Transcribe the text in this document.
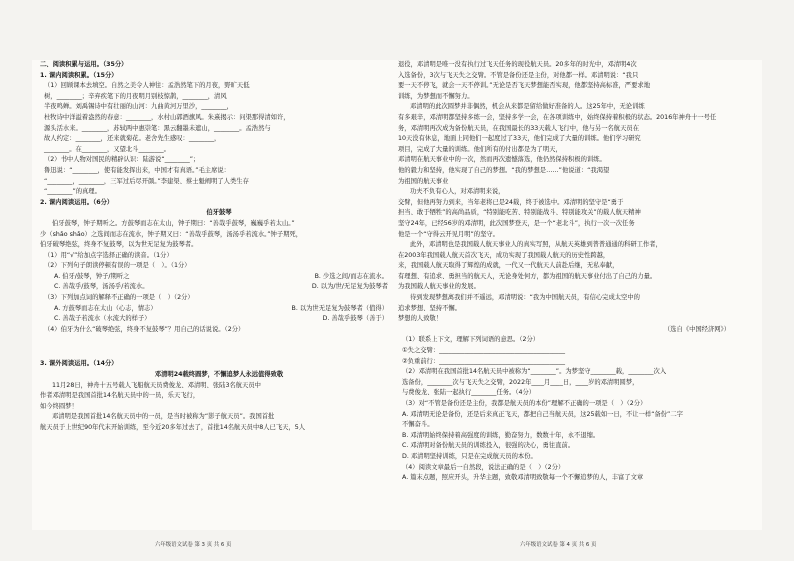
二、阅读积累与运用。（35分）

1. 课内阅读积累。（15分）

（1）回顾课本去填空。自然之美令人神往：孟浩然笔下的月夜，野旷天低

树，________；辛弃疾笔下的月夜明月别枝惊鹊，________，清风

半夜鸣蝉。刘禹锡诗中有壮丽的山河：九曲黄河万里沙，________，

杜牧诗中洋溢着盎然的春意：________，水村山郭酒旗风。朱熹揭示：问渠那得清如许，

源头活水来。________，苏轼两中惠崇笔：黑云翻墨未遮山，________。孟浩然与

故人约定：________，还来就菊花。老舍先生感叹：________，

________。在________，又望北斗________。

（2）书中人物对国民的精辟认识：陆游说“________”；

鲁迅说：“________，使有能发挥出来，中国才有真语。”毛主席说：

“________，________，三军过后尽开颜。”李建渠、蔡士魁阐明了人类生存

“________”的真理。

2. 课内阅读运用。（6分）

伯牙鼓琴

伯牙鼓琴，钟子期听之。方鼓琴而志在太山，钟子期曰：“善哉乎鼓琴，巍巍乎若太山。”

少（shǎo shǎo）之选间而志在流水，钟子期又曰：“善哉乎鼓琴，汤汤乎若流水。”钟子期死，

伯牙破琴绝弦，终身不复鼓琴，以为世无足复为鼓琴者。

（1）用“√”给加点字选择正确的读音。（1分）

（2）下列句子朗读停顿有误的一项是（　）。（1分）

A. 伯牙/鼓琴，钟子/期听之	B. 少选之间/而志在流水。
C. 善哉乎/鼓琴，汤汤乎/若流水。	D. 以为/世/无足复为鼓琴者

（3）下列加点词的解释不正确的一项是（　）（2分）

A. 方鼓琴而志在太山（心志，情志）	B. 以为世无足复为鼓琴者（值得）
C. 善哉子若流水（水流大的样子）	D. 善哉乎鼓琴（善于）

（4）伯牙为什么“破琴绝弦，终身不复鼓琴”？用自己的话说说。（2分）

3. 课外阅读运用。（14分）

邓清明24载终圆梦，不懈追梦人永远值得致敬

11月28日，神舟十五号载人飞船航天员费俊龙、邓清明、张陆3名航天员中

作者邓清明是我国首批14名航天员中的一员，乐天飞行，

如今终圆梦！

邓清明是我国首批14名航天员中的一员，是当时被称为“影子航天员”。我国首批

航天员于上世纪90年代末开始训练，至今近20多年过去了，首批14名航天员中8人已飞天，5人

六年级语文试卷 第 3 页 共 6 页

退役，邓清明是唯一没有执行过飞天任务的现役航天员。20多年的时光中，邓清明4次

入选备份，3次与飞天失之交臂。不管是备份还是主份，对他都一样。邓清明说：“我只

要一天不停飞，就会一天不停训。”无论是否飞天梦想能否实现，他都坚持高标准，严要求地

训练，为梦想而不懈努力。

邓清明的此次圆梦并非偶然，机会从来都是留给做好准备的人。这25年中，无论训练

有多艰辛，邓清明都坚持多练一会，坚持多学一会，在各项训练中，始终保持着积极的状态。2016年神舟十一号任

务，邓清明再次成为备份航天员，在我国最长的33天载人飞行中，他与另一名航天员在

10天没有休息，地面上同他们一起度过了33天，他们完成了大量的训练。他们学习研究

项目，完成了大量的训练。他们所有的付出都是为了明天，

邓清明在航天事业中的一次，然而再次遗憾落选，他仍然保持积极的训练。

他的毅力和坚持，他实现了自己的梦想。“我的梦想是……”他说道：“我渴望

为祖国的航天事业

功夫不负有心人，对邓清明来说，

交臂，但他再努力到来，当年老将已是24载，终于被选中。邓清明的坚守是“勇于

担当、敢于牺牲”的高尚品质，“特别能吃苦、特别能战斗、特别能攻关”的载人航天精神

坚守24年，已经56岁的邓清明，此次国梦登天，是一个“老北斗”，执行一次一次任务

他是一个“守得云开见月明”的坚守。

此外，邓清明也是我国载人航天事业人的真实写照，从航天英雄到普普通通的科研工作者，

在2003年我国载人航天首次飞天，成功实现了我国载人航天的历史性跨越，

来，我国载人航天取得了辉煌的成就，一代又一代航天人前赴后继，无私奉献，

有理想、有追求、勇担当的航天人，无论身处何方，都为祖国的航天事业付出了自己的力量。

为我国载人航天事业的发展。

待到发现梦想离我们并不遥远，邓清明说：“我为中国航天员，有信心完成太空中的

追求梦想、坚持不懈。

梦想的人致敬！

（选自《中国经济网》）

（1）联系上下文，理解下列词语的意思。（2分）

①失之交臂：________________________________________

②负重前行：________________________________________

（2）邓清明在我国首批14名航天员中被称为“________”。为梦坚守________载，________次入

选备份，________次与飞天失之交臂，2022年____月____日，____岁的邓清明圆梦，

与费俊龙、张陆一起执行________任务。（4分）

（3）对“不管是备份还是主份，我都是航天员的本份”理解不正确的一项是（　）（2分）

A. 邓清明无论是备份，还是后来真正飞天，都把自己当航天员，这25载如一日，不让一样“备份”二字

不懈奋斗。

B. 邓清明始终保持着高强度的训练，勤奋努力，数数十年，永不退缩。

C. 邓清明对备份航天员的训练投入，很强的决心，勇往直前。

D. 邓清明坚持训练，只是在完成航天员的本份。

（4）阅读文章最后一自然段，说法正确的是（　）（2分）

A. 篇末点题，照应开头，升华主题，致敬邓清明致敬每一个不懈追梦的人，丰富了文章

六年级语文试卷 第 4 页 共 6 页
